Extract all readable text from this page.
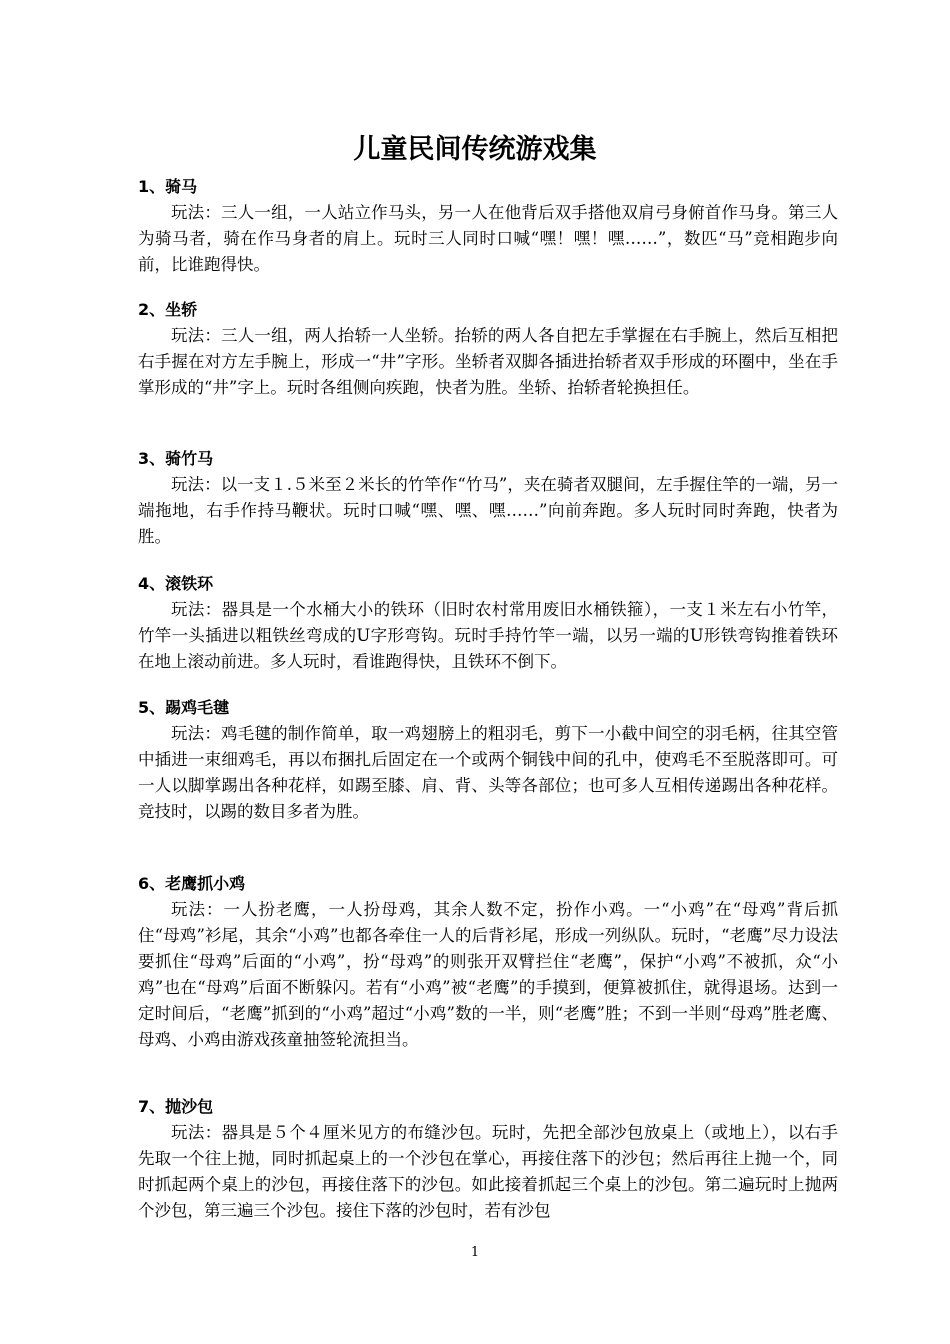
儿童民间传统游戏集
1、骑马

玩法：三人一组，一人站立作马头，另一人在他背后双手搭他双肩弓身俯首作马身。第三人为骑马者，骑在作马身者的肩上。玩时三人同时口喊“嘿！嘿！嘿……”，数匹“马”竞相跑步向前，比谁跑得快。

2、坐轿

玩法：三人一组，两人抬轿一人坐轿。抬轿的两人各自把左手掌握在右手腕上，然后互相把右手握在对方左手腕上，形成一“井”字形。坐轿者双脚各插进抬轿者双手形成的环圈中，坐在手掌形成的“井”字上。玩时各组侧向疾跑，快者为胜。坐轿、抬轿者轮换担任。

3、骑竹马

玩法：以一支１.５米至２米长的竹竿作“竹马”，夹在骑者双腿间，左手握住竿的一端，另一端拖地，右手作持马鞭状。玩时口喊“嘿、嘿、嘿……”向前奔跑。多人玩时同时奔跑，快者为胜。

4、滚铁环

玩法：器具是一个水桶大小的铁环（旧时农村常用废旧水桶铁箍），一支１米左右小竹竿，竹竿一头插进以粗铁丝弯成的U字形弯钩。玩时手持竹竿一端，以另一端的U形铁弯钩推着铁环在地上滚动前进。多人玩时，看谁跑得快，且铁环不倒下。

5、踢鸡毛毽

玩法：鸡毛毽的制作简单，取一鸡翅膀上的粗羽毛，剪下一小截中间空的羽毛柄，往其空管中插进一束细鸡毛，再以布捆扎后固定在一个或两个铜钱中间的孔中，使鸡毛不至脱落即可。可一人以脚掌踢出各种花样，如踢至膝、肩、背、头等各部位；也可多人互相传递踢出各种花样。竞技时，以踢的数目多者为胜。

6、老鹰抓小鸡

玩法：一人扮老鹰，一人扮母鸡，其余人数不定，扮作小鸡。一“小鸡”在“母鸡”背后抓住“母鸡”衫尾，其余“小鸡”也都各牵住一人的后背衫尾，形成一列纵队。玩时，“老鹰”尽力设法要抓住“母鸡”后面的“小鸡”，扮“母鸡”的则张开双臂拦住“老鹰”，保护“小鸡”不被抓，众“小鸡”也在“母鸡”后面不断躲闪。若有“小鸡”被“老鹰”的手摸到，便算被抓住，就得退场。达到一定时间后，“老鹰”抓到的“小鸡”超过“小鸡”数的一半，则“老鹰”胜；不到一半则“母鸡”胜老鹰、母鸡、小鸡由游戏孩童抽签轮流担当。

7、抛沙包

玩法：器具是５个４厘米见方的布缝沙包。玩时，先把全部沙包放桌上（或地上），以右手先取一个往上抛，同时抓起桌上的一个沙包在掌心，再接住落下的沙包；然后再往上抛一个，同时抓起两个桌上的沙包，再接住落下的沙包。如此接着抓起三个桌上的沙包。第二遍玩时上抛两个沙包，第三遍三个沙包。接住下落的沙包时，若有沙包

1
